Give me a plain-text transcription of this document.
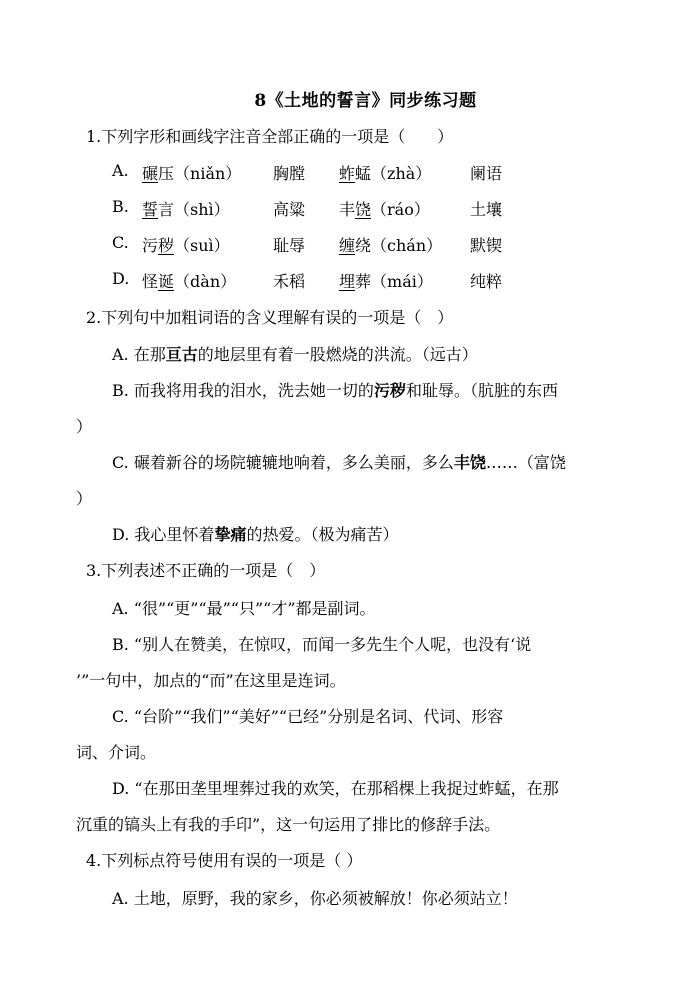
8《土地的誓言》同步练习题
1.下列字形和画线字注音全部正确的一项是（　　）
A. 碾压（niǎn） 胸膛 蚱蜢（zhà） 阑语
B. 誓言（shì）	高粱 丰饶（ráo）	土壤
C. 污秽（suì）	耻辱 缠绕（chán） 默锲
D. 怪诞（dàn） 禾稻 埋葬（mái） 纯粹
2.下列句中加粗词语的含义理解有误的一项是（　）
A. 在那亘古的地层里有着一股燃烧的洪流。（远古）
B. 而我将用我的泪水，洗去她一切的污秽和耻辱。（肮脏的东西
）
C. 碾着新谷的场院辘辘地响着，多么美丽，多么丰饶……（富饶
）
D. 我心里怀着挚痛的热爱。（极为痛苦）
3.下列表述不正确的一项是（　）
A. “很”“更”“最”“只”“才”都是副词。
B. “别人在赞美，在惊叹，而闻一多先生个人呢，也没有‘说
’”一句中，加点的“而”在这里是连词。
C. “台阶”“我们”“美好”“已经”分别是名词、代词、形容
词、介词。
D. “在那田垄里埋葬过我的欢笑，在那稻棵上我捉过蚱蜢，在那
沉重的镐头上有我的手印”，这一句运用了排比的修辞手法。
4.下列标点符号使用有误的一项是（ ）
A. 土地，原野，我的家乡，你必须被解放！你必须站立！
